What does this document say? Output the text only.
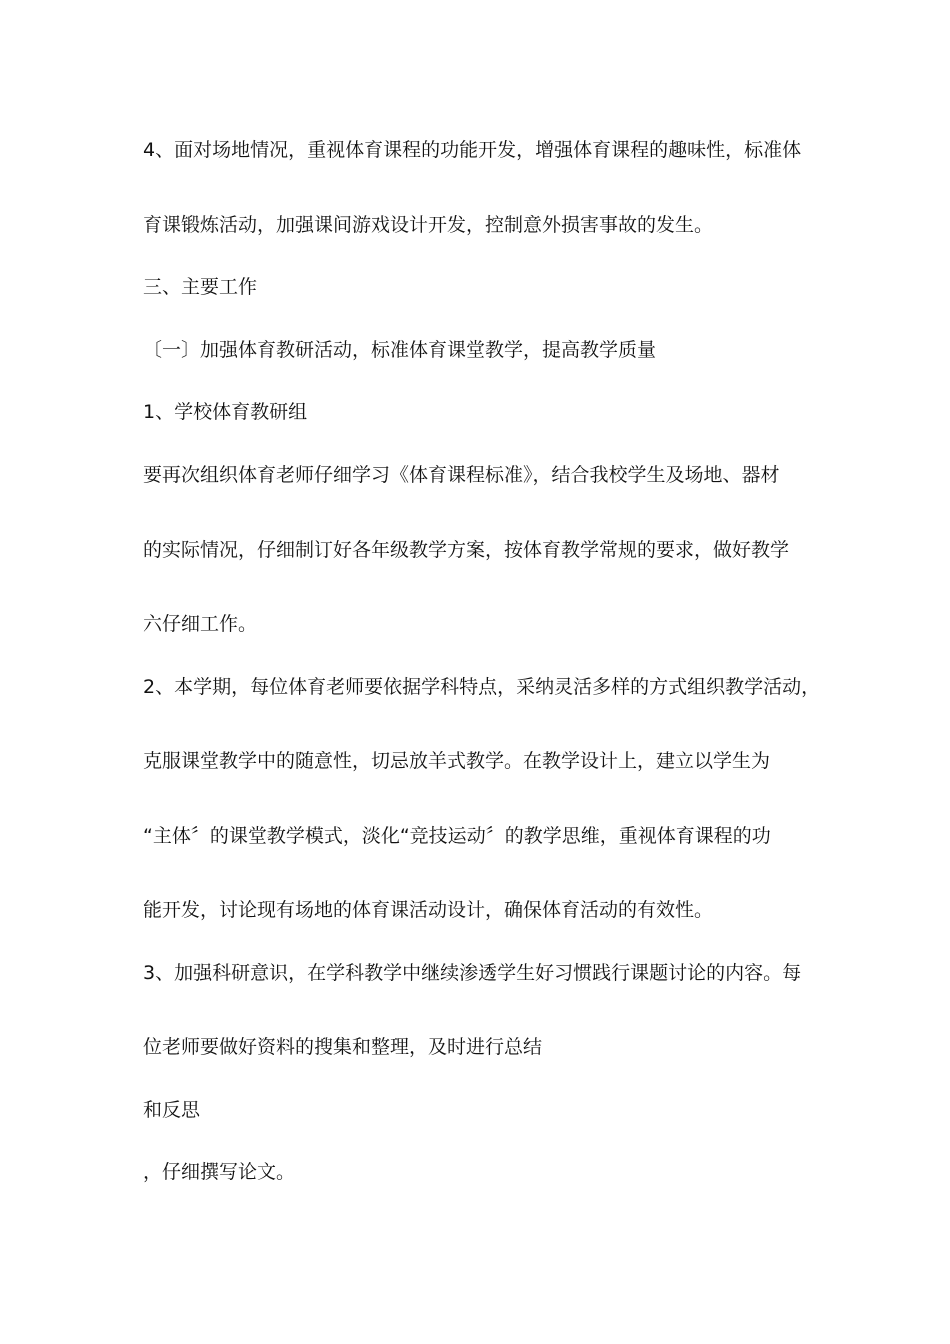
4、面对场地情况，重视体育课程的功能开发，增强体育课程的趣味性，标准体
育课锻炼活动，加强课间游戏设计开发，控制意外损害事故的发生。
三、主要工作
〔一〕加强体育教研活动，标准体育课堂教学，提高教学质量
1、学校体育教研组
要再次组织体育老师仔细学习《体育课程标准》，结合我校学生及场地、器材
的实际情况，仔细制订好各年级教学方案，按体育教学常规的要求，做好教学
六仔细工作。
2、本学期，每位体育老师要依据学科特点，采纳灵活多样的方式组织教学活动，
克服课堂教学中的随意性，切忌放羊式教学。在教学设计上，建立以学生为
“主体〞的课堂教学模式，淡化“竞技运动〞的教学思维，重视体育课程的功
能开发，讨论现有场地的体育课活动设计，确保体育活动的有效性。
3、加强科研意识，在学科教学中继续渗透学生好习惯践行课题讨论的内容。每
位老师要做好资料的搜集和整理，及时进行总结
和反思
，仔细撰写论文。
